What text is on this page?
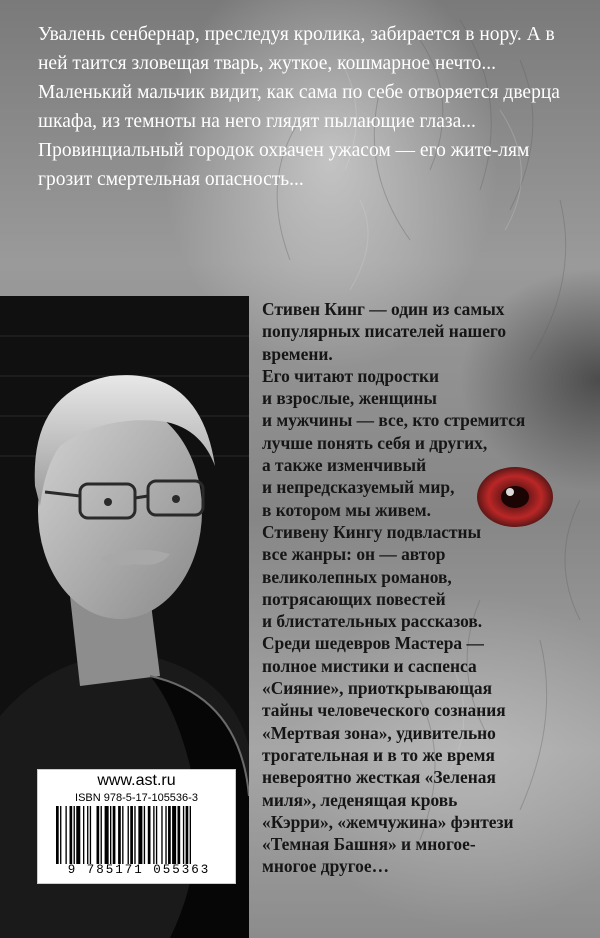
Увалень сенбернар, преследуя кролика, забирается в нору. А в ней таится зловещая тварь, жуткое, кошмарное нечто...

Маленький мальчик видит, как сама по себе отворяется дверца шкафа, из темноты на него глядят пылающие глаза...

Провинциальный городок охвачен ужасом — его жите-лям грозит смертельная опасность...

Стивен Кинг — один из самых
популярных писателей нашего
времени.
Его читают подростки
и взрослые, женщины
и мужчины — все, кто стремится
лучше понять себя и других,
а также изменчивый
и непредсказуемый мир,
в котором мы живем.
Стивену Кингу подвластны
все жанры: он — автор
великолепных романов,
потрясающих повестей
и блистательных рассказов.
Среди шедевров Мастера —
полное мистики и саспенса
«Сияние», приоткрывающая
тайны человеческого сознания
«Мертвая зона», удивительно
трогательная и в то же время
невероятно жесткая «Зеленая
миля», леденящая кровь
«Кэрри», «жемчужина» фэнтези
«Темная Башня» и многое-
многое другое…
www.ast.ru
ISBN 978-5-17-105536-3
9 785171 055363
